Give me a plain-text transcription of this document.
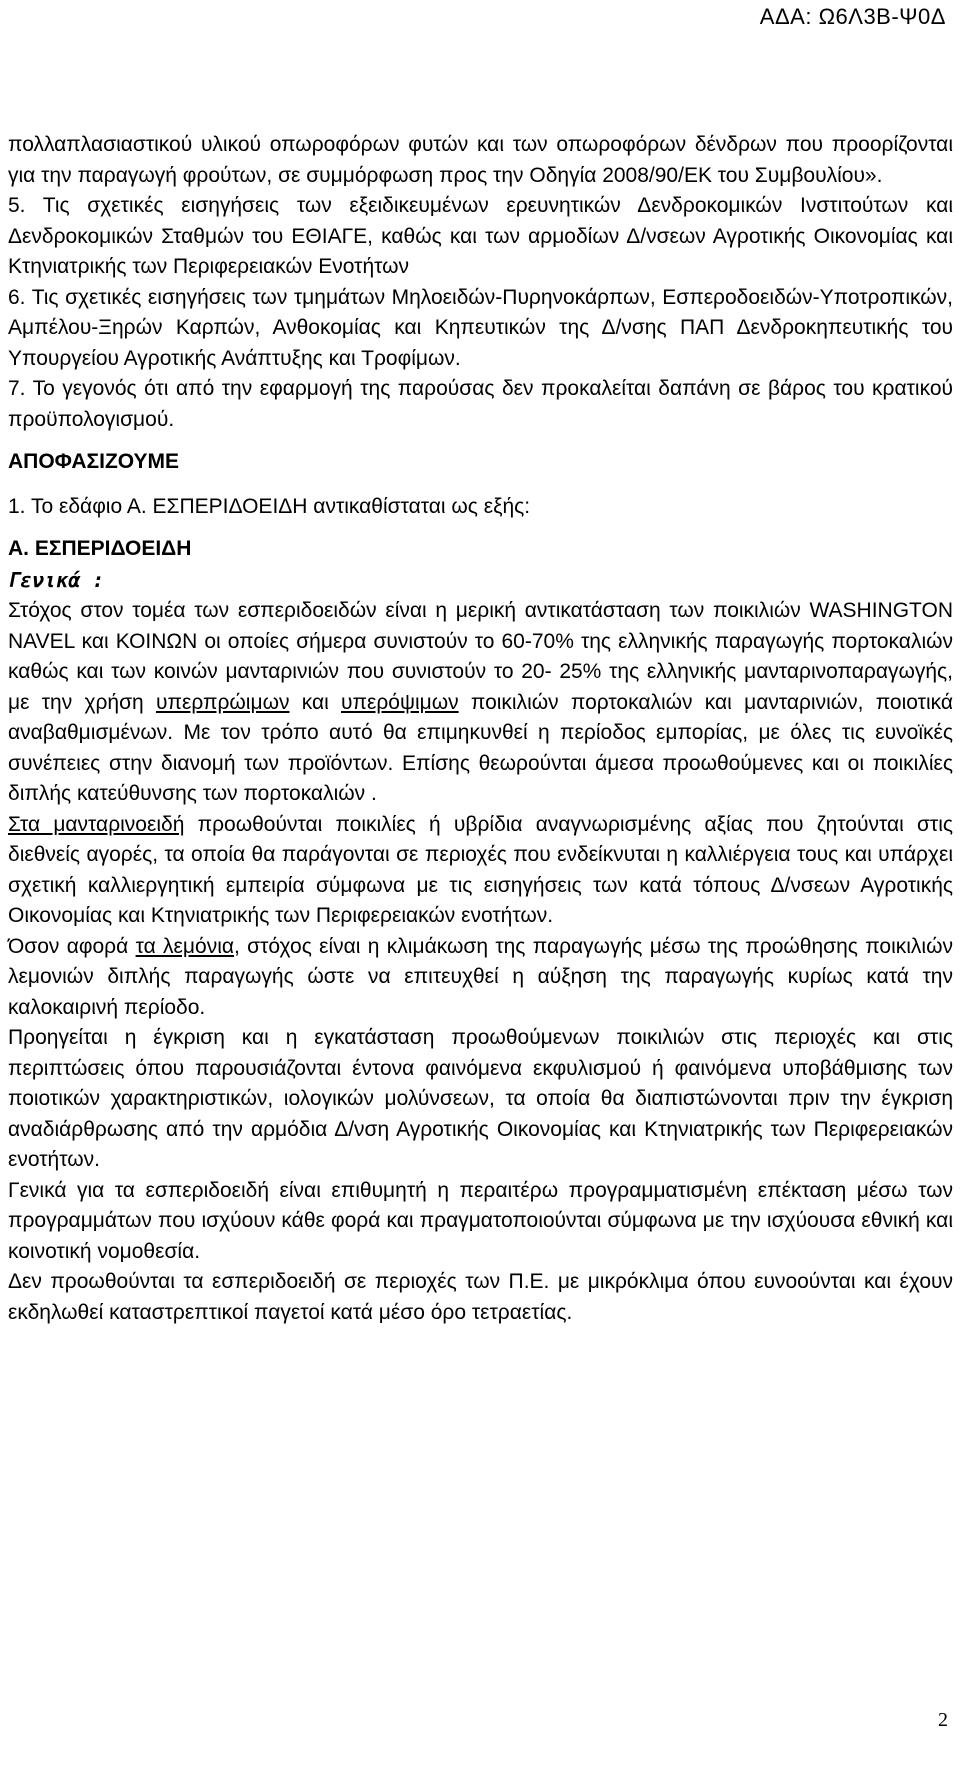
ΑΔΑ: Ω6Λ3Β-Ψ0Δ

πολλαπλασιαστικού υλικού οπωροφόρων φυτών και των οπωροφόρων δένδρων που προορίζονται για την παραγωγή φρούτων, σε συμμόρφωση προς την Οδηγία 2008/90/ΕΚ του Συμβουλίου».

5. Τις σχετικές εισηγήσεις των εξειδικευμένων ερευνητικών Δενδροκομικών Ινστιτούτων και Δενδροκομικών Σταθμών του ΕΘΙΑΓΕ, καθώς και των αρμοδίων Δ/νσεων Αγροτικής Οικονομίας και Κτηνιατρικής των Περιφερειακών Ενοτήτων

6. Τις σχετικές εισηγήσεις των τμημάτων Μηλοειδών-Πυρηνοκάρπων, Εσπεροδοειδών-Υποτροπικών, Αμπέλου-Ξηρών Καρπών, Ανθοκομίας και Κηπευτικών της Δ/νσης ΠΑΠ Δενδροκηπευτικής του Υπουργείου Αγροτικής Ανάπτυξης και Τροφίμων.

7. Το γεγονός ότι από την εφαρμογή της παρούσας δεν προκαλείται δαπάνη σε βάρος του κρατικού προϋπολογισμού.

ΑΠΟΦΑΣΙΖΟΥΜΕ

1. Το εδάφιο Α. ΕΣΠΕΡΙΔΟΕΙΔΗ αντικαθίσταται ως εξής:

Α. ΕΣΠΕΡΙΔΟΕΙΔΗ

Γενικά :

Στόχος στον τομέα των εσπεριδοειδών είναι η μερική αντικατάσταση των ποικιλιών WASHINGTON NAVEL και ΚΟΙΝΩΝ οι οποίες σήμερα συνιστούν το 60-70% της ελληνικής παραγωγής πορτοκαλιών καθώς και των κοινών μανταρινιών που συνιστούν το 20- 25% της ελληνικής μανταρινοπαραγωγής, με την χρήση υπερπρώιμων και υπερόψιμων ποικιλιών πορτοκαλιών και μανταρινιών, ποιοτικά αναβαθμισμένων. Με τον τρόπο αυτό θα επιμηκυνθεί η περίοδος εμπορίας, με όλες τις ευνοϊκές συνέπειες στην διανομή των προϊόντων. Επίσης θεωρούνται άμεσα προωθούμενες και οι ποικιλίες διπλής κατεύθυνσης των πορτοκαλιών .

Στα μανταρινοειδή προωθούνται ποικιλίες ή υβρίδια αναγνωρισμένης αξίας που ζητούνται στις διεθνείς αγορές, τα οποία θα παράγονται σε περιοχές που ενδείκνυται η καλλιέργεια τους και υπάρχει σχετική καλλιεργητική εμπειρία σύμφωνα με τις εισηγήσεις των κατά τόπους Δ/νσεων Αγροτικής Οικονομίας και Κτηνιατρικής των Περιφερειακών ενοτήτων.

Όσον αφορά τα λεμόνια, στόχος είναι η κλιμάκωση της παραγωγής μέσω της προώθησης ποικιλιών λεμονιών διπλής παραγωγής ώστε να επιτευχθεί η αύξηση της παραγωγής κυρίως κατά την καλοκαιρινή περίοδο.

Προηγείται η έγκριση και η εγκατάσταση προωθούμενων ποικιλιών στις περιοχές και στις περιπτώσεις όπου παρουσιάζονται έντονα φαινόμενα εκφυλισμού ή φαινόμενα υποβάθμισης των ποιοτικών χαρακτηριστικών, ιολογικών μολύνσεων, τα οποία θα διαπιστώνονται πριν την έγκριση αναδιάρθρωσης από την αρμόδια Δ/νση Αγροτικής Οικονομίας και Κτηνιατρικής των Περιφερειακών ενοτήτων.

Γενικά για τα εσπεριδοειδή είναι επιθυμητή η περαιτέρω προγραμματισμένη επέκταση μέσω των προγραμμάτων που ισχύουν κάθε φορά και πραγματοποιούνται σύμφωνα με την ισχύουσα εθνική και κοινοτική νομοθεσία.

Δεν προωθούνται τα εσπεριδοειδή σε περιοχές των Π.Ε. με μικρόκλιμα όπου ευνοούνται και έχουν εκδηλωθεί καταστρεπτικοί παγετοί κατά μέσο όρο τετραετίας.

2
